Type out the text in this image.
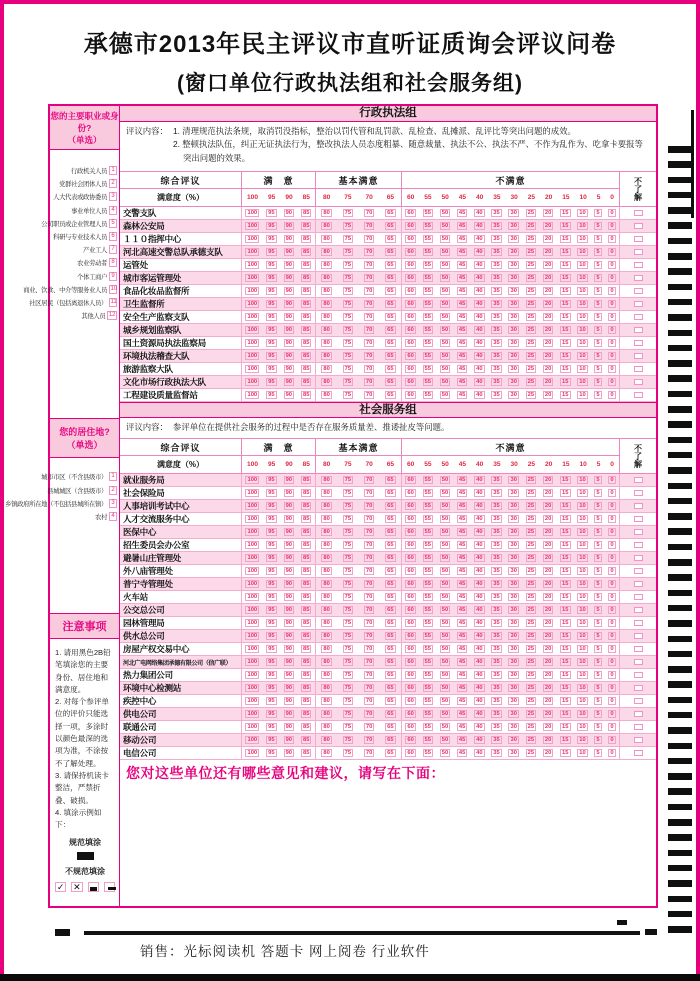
承德市2013年民主评议市直听证质询会评议问卷
(窗口单位行政执法组和社会服务组)
您的主要职业或身份?
（单选）
行政机关人员 1
党群社会团体人员 2
人大代表或政协委员 3
事业单位人员 4
公司职员或企业管理人员 5
科研与专业技术人员 6
产业工人 7
农业劳动者 8
个体工商户 9
商业、饮食、中介等服务业人员 10
社区居民（包括离退休人员） 11
其他人员 12
您的居住地?
（单选）
城市市区（不含县级市） 1
县城城区（含县级市） 2
乡镇政府所在地（不包括县城所在镇） 3
农村 4
注意事项
1. 请用黑色2B铅笔填涂您的主要身份、居住地和满意度。
2. 对每个参评单位的评价只能选择一项，多涂时以颜色最深的选项为准，不涂按不了解处理。
3. 请保持机读卡整洁，严禁折叠、破损。
4. 填涂示例如下：
规范填涂
不规范填涂
✓ ✕
行政执法组
评议内容： 1. 清理规范执法条规，取消罚没指标，整治以罚代管和乱罚款、乱检查、乱摊派、乱评比等突出问题的成效。
2. 整顿执法队伍，纠正无证执法行为，整改执法人员态度粗暴、随意裁量、执法不公、执法不严、不作为乱作为、吃拿卡要报等突出问题的效果。
综合评议	满　意	基本满意	不满意	不了解
满意度（%）	100 95 90 85 80 75 70 65 60 55 50 45 40 35 30 25 20 15 10 5 0
交警支队	100	95	90	85	80	75	70	65	60	55	50	45	40	35	30	25	20	15	10	5	0
森林公安局	100	95	90	85	80	75	70	65	60	55	50	45	40	35	30	25	20	15	10	5	0
１１０指挥中心	100	95	90	85	80	75	70	65	60	55	50	45	40	35	30	25	20	15	10	5	0
河北高速交警总队承德支队	100	95	90	85	80	75	70	65	60	55	50	45	40	35	30	25	20	15	10	5	0
运管处	100	95	90	85	80	75	70	65	60	55	50	45	40	35	30	25	20	15	10	5	0
城市客运管理处	100	95	90	85	80	75	70	65	60	55	50	45	40	35	30	25	20	15	10	5	0
食品化妆品监督所	100	95	90	85	80	75	70	65	60	55	50	45	40	35	30	25	20	15	10	5	0
卫生监督所	100	95	90	85	80	75	70	65	60	55	50	45	40	35	30	25	20	15	10	5	0
安全生产监察支队	100	95	90	85	80	75	70	65	60	55	50	45	40	35	30	25	20	15	10	5	0
城乡规划监察队	100	95	90	85	80	75	70	65	60	55	50	45	40	35	30	25	20	15	10	5	0
国土资源局执法监察局	100	95	90	85	80	75	70	65	60	55	50	45	40	35	30	25	20	15	10	5	0
环境执法稽查大队	100	95	90	85	80	75	70	65	60	55	50	45	40	35	30	25	20	15	10	5	0
旅游监察大队	100	95	90	85	80	75	70	65	60	55	50	45	40	35	30	25	20	15	10	5	0
文化市场行政执法大队	100	95	90	85	80	75	70	65	60	55	50	45	40	35	30	25	20	15	10	5	0
工程建设质量监督站	100	95	90	85	80	75	70	65	60	55	50	45	40	35	30	25	20	15	10	5	0
社会服务组
评议内容： 参评单位在提供社会服务的过程中是否存在服务质量差、推诿扯皮等问题。
综合评议	满　意	基本满意	不满意	不了解
满意度（%）	100 95 90 85 80 75 70 65 60 55 50 45 40 35 30 25 20 15 10 5 0
就业服务局	100	95	90	85	80	75	70	65	60	55	50	45	40	35	30	25	20	15	10	5	0
社会保险局	100	95	90	85	80	75	70	65	60	55	50	45	40	35	30	25	20	15	10	5	0
人事培训考试中心	100	95	90	85	80	75	70	65	60	55	50	45	40	35	30	25	20	15	10	5	0
人才交流服务中心	100	95	90	85	80	75	70	65	60	55	50	45	40	35	30	25	20	15	10	5	0
医保中心	100	95	90	85	80	75	70	65	60	55	50	45	40	35	30	25	20	15	10	5	0
招生委员会办公室	100	95	90	85	80	75	70	65	60	55	50	45	40	35	30	25	20	15	10	5	0
避暑山庄管理处	100	95	90	85	80	75	70	65	60	55	50	45	40	35	30	25	20	15	10	5	0
外八庙管理处	100	95	90	85	80	75	70	65	60	55	50	45	40	35	30	25	20	15	10	5	0
普宁寺管理处	100	95	90	85	80	75	70	65	60	55	50	45	40	35	30	25	20	15	10	5	0
火车站	100	95	90	85	80	75	70	65	60	55	50	45	40	35	30	25	20	15	10	5	0
公交总公司	100	95	90	85	80	75	70	65	60	55	50	45	40	35	30	25	20	15	10	5	0
园林管理局	100	95	90	85	80	75	70	65	60	55	50	45	40	35	30	25	20	15	10	5	0
供水总公司	100	95	90	85	80	75	70	65	60	55	50	45	40	35	30	25	20	15	10	5	0
房屋产权交易中心	100	95	90	85	80	75	70	65	60	55	50	45	40	35	30	25	20	15	10	5	0
河北广电网络集团承德有限公司（信广联）	100	95	90	85	80	75	70	65	60	55	50	45	40	35	30	25	20	15	10	5	0
热力集团公司	100	95	90	85	80	75	70	65	60	55	50	45	40	35	30	25	20	15	10	5	0
环境中心检测站	100	95	90	85	80	75	70	65	60	55	50	45	40	35	30	25	20	15	10	5	0
疾控中心	100	95	90	85	80	75	70	65	60	55	50	45	40	35	30	25	20	15	10	5	0
供电公司	100	95	90	85	80	75	70	65	60	55	50	45	40	35	30	25	20	15	10	5	0
联通公司	100	95	90	85	80	75	70	65	60	55	50	45	40	35	30	25	20	15	10	5	0
移动公司	100	95	90	85	80	75	70	65	60	55	50	45	40	35	30	25	20	15	10	5	0
电信公司	100	95	90	85	80	75	70	65	60	55	50	45	40	35	30	25	20	15	10	5	0
您对这些单位还有哪些意见和建议，请写在下面：
销售：光标阅读机 答题卡 网上阅卷 行业软件
